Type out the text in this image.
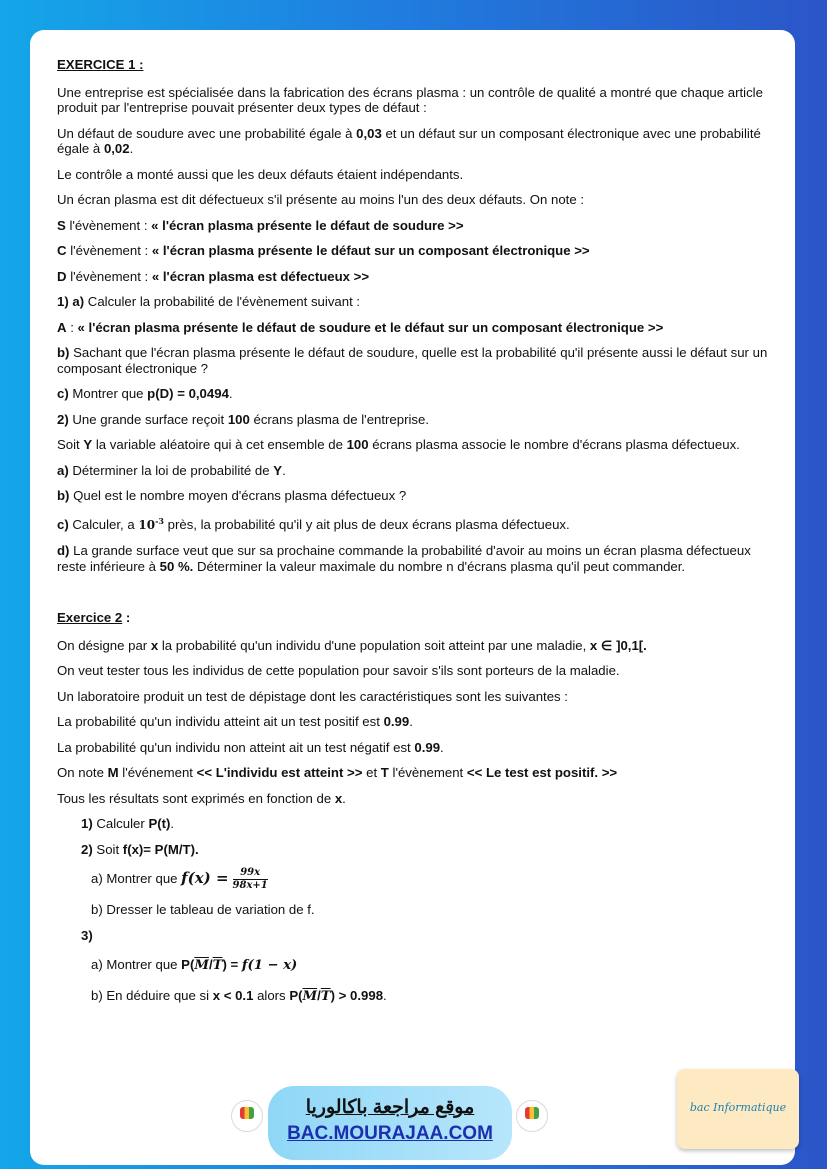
EXERCICE 1 :

Une entreprise est spécialisée dans la fabrication des écrans plasma : un contrôle de qualité a montré que chaque article produit par l'entreprise pouvait présenter deux types de défaut :

Un défaut de soudure avec une probabilité égale à 0,03 et un défaut sur un composant électronique avec une probabilité égale à 0,02.

Le contrôle a monté aussi que les deux défauts étaient indépendants.

Un écran plasma est dit défectueux s'il présente au moins l'un des deux défauts. On note :

S l'évènement : « l'écran plasma présente le défaut de soudure >>

C l'évènement : « l'écran plasma présente le défaut sur un composant électronique >>

D l'évènement : « l'écran plasma est défectueux >>

1) a) Calculer la probabilité de l'évènement suivant :

A : « l'écran plasma présente le défaut de soudure et le défaut sur un composant électronique >>

b) Sachant que l'écran plasma présente le défaut de soudure, quelle est la probabilité qu'il présente aussi le défaut sur un composant électronique ?

c) Montrer que p(D) = 0,0494.

2) Une grande surface reçoit 100 écrans plasma de l'entreprise.

Soit Y la variable aléatoire qui à cet ensemble de 100 écrans plasma associe le nombre d'écrans plasma défectueux.

a) Déterminer la loi de probabilité de Y.

b) Quel est le nombre moyen d'écrans plasma défectueux ?

c) Calculer, a $10^{-3}$ près, la probabilité qu'il y ait plus de deux écrans plasma défectueux.

d) La grande surface veut que sur sa prochaine commande la probabilité d'avoir au moins un écran plasma défectueux reste inférieure à 50 %. Déterminer la valeur maximale du nombre n d'écrans plasma qu'il peut commander.

Exercice 2 :

On désigne par x la probabilité qu'un individu d'une population soit atteint par une maladie, x ∈ ]0,1[.

On veut tester tous les individus de cette population pour savoir s'ils sont porteurs de la maladie.

Un laboratoire produit un test de dépistage dont les caractéristiques sont les suivantes :

La probabilité qu'un individu atteint ait un test positif est 0.99.

La probabilité qu'un individu non atteint ait un test négatif est 0.99.

On note M l'événement << L'individu est atteint >> et T l'évènement << Le test est positif. >>

Tous les résultats sont exprimés en fonction de x.

1) Calculer P(t).

2) Soit f(x)= P(M/T).

a) Montrer que $f(x) = \frac{99x}{98x+1}$

b) Dresser le tableau de variation de f.

3)

a) Montrer que $P(\overline{M}/\overline{T}) = f(1 - x)$

b) En déduire que si x < 0.1 alors $P(\overline{M}/\overline{T}) > 0.998$.

موقع مراجعة باكالوريا
BAC.MOURAJAA.COM
bac Informatique
